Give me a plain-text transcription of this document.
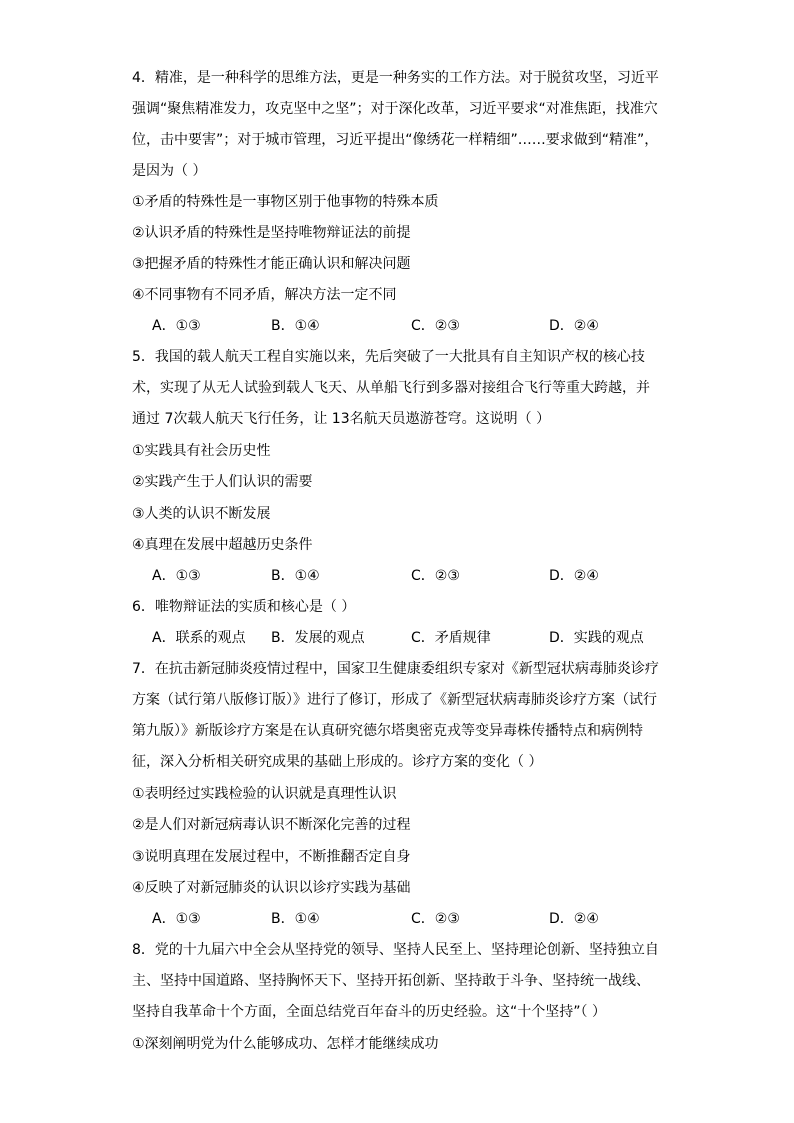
4．精准，是一种科学的思维方法，更是一种务实的工作方法。对于脱贫攻坚，习近平
强调“聚焦精准发力，攻克坚中之坚”；对于深化改革，习近平要求“对准焦距，找准穴
位，击中要害”；对于城市管理，习近平提出“像绣花一样精细”……要求做到“精准”，
是因为（ ）
①矛盾的特殊性是一事物区别于他事物的特殊本质
②认识矛盾的特殊性是坚持唯物辩证法的前提
③把握矛盾的特殊性才能正确认识和解决问题
④不同事物有不同矛盾，解决方法一定不同
A．①③	B．①④	C．②③	D．②④
5．我国的载人航天工程自实施以来，先后突破了一大批具有自主知识产权的核心技
术，实现了从无人试验到载人飞天、从单船飞行到多器对接组合飞行等重大跨越，并
通过 7次载人航天飞行任务，让 13名航天员遨游苍穹。这说明（ ）
①实践具有社会历史性
②实践产生于人们认识的需要
③人类的认识不断发展
④真理在发展中超越历史条件
A．①③	B．①④	C．②③	D．②④
6．唯物辩证法的实质和核心是（ ）
A．联系的观点 B．发展的观点	C．矛盾规律	D．实践的观点
7．在抗击新冠肺炎疫情过程中，国家卫生健康委组织专家对《新型冠状病毒肺炎诊疗
方案（试行第八版修订版）》进行了修订，形成了《新型冠状病毒肺炎诊疗方案（试行
第九版）》新版诊疗方案是在认真研究德尔塔奥密克戎等变异毒株传播特点和病例特
征，深入分析相关研究成果的基础上形成的。诊疗方案的变化（ ）
①表明经过实践检验的认识就是真理性认识
②是人们对新冠病毒认识不断深化完善的过程
③说明真理在发展过程中，不断推翻否定自身
④反映了对新冠肺炎的认识以诊疗实践为基础
A．①③	B．①④	C．②③	D．②④
8．党的十九届六中全会从坚持党的领导、坚持人民至上、坚持理论创新、坚持独立自
主、坚持中国道路、坚持胸怀天下、坚持开拓创新、坚持敢于斗争、坚持统一战线、
坚持自我革命十个方面，全面总结党百年奋斗的历史经验。这“十个坚持”（ ）
①深刻阐明党为什么能够成功、怎样才能继续成功
